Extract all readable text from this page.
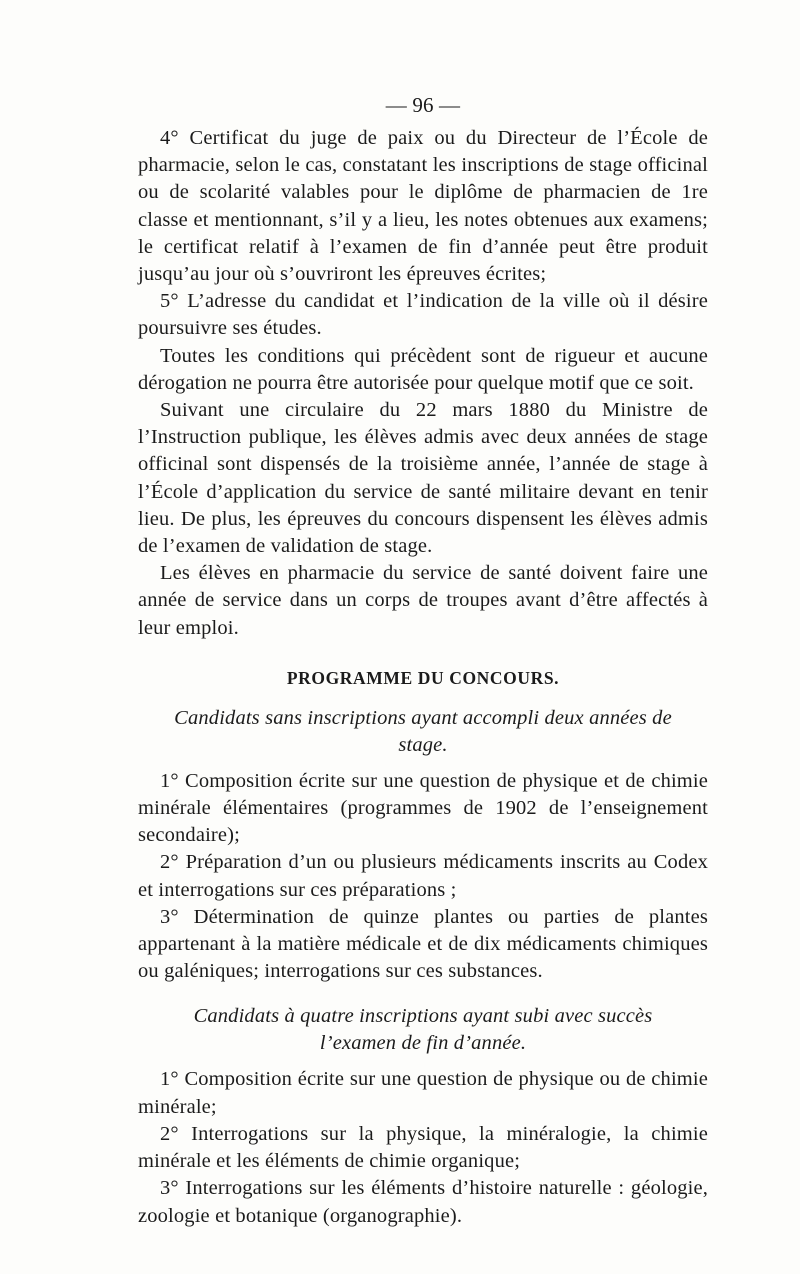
— 96 —

4° Certificat du juge de paix ou du Directeur de l’École de pharmacie, selon le cas, constatant les inscriptions de stage officinal ou de scolarité valables pour le diplôme de pharmacien de 1re classe et mentionnant, s’il y a lieu, les notes obtenues aux examens; le certificat relatif à l’examen de fin d’année peut être produit jusqu’au jour où s’ouvriront les épreuves écrites;

5° L’adresse du candidat et l’indication de la ville où il désire poursuivre ses études.

Toutes les conditions qui précèdent sont de rigueur et aucune dérogation ne pourra être autorisée pour quelque motif que ce soit.

Suivant une circulaire du 22 mars 1880 du Ministre de l’Instruction publique, les élèves admis avec deux années de stage officinal sont dispensés de la troisième année, l’année de stage à l’École d’application du service de santé militaire devant en tenir lieu. De plus, les épreuves du concours dispensent les élèves admis de l’examen de validation de stage.

Les élèves en pharmacie du service de santé doivent faire une année de service dans un corps de troupes avant d’être affectés à leur emploi.

PROGRAMME DU CONCOURS.

Candidats sans inscriptions ayant accompli deux années de stage.

1° Composition écrite sur une question de physique et de chimie minérale élémentaires (programmes de 1902 de l’enseignement secondaire);

2° Préparation d’un ou plusieurs médicaments inscrits au Codex et interrogations sur ces préparations ;

3° Détermination de quinze plantes ou parties de plantes appartenant à la matière médicale et de dix médicaments chimiques ou galéniques; interrogations sur ces substances.

Candidats à quatre inscriptions ayant subi avec succès l’examen de fin d’année.

1° Composition écrite sur une question de physique ou de chimie minérale;

2° Interrogations sur la physique, la minéralogie, la chimie minérale et les éléments de chimie organique;

3° Interrogations sur les éléments d’histoire naturelle : géologie, zoologie et botanique (organographie).
